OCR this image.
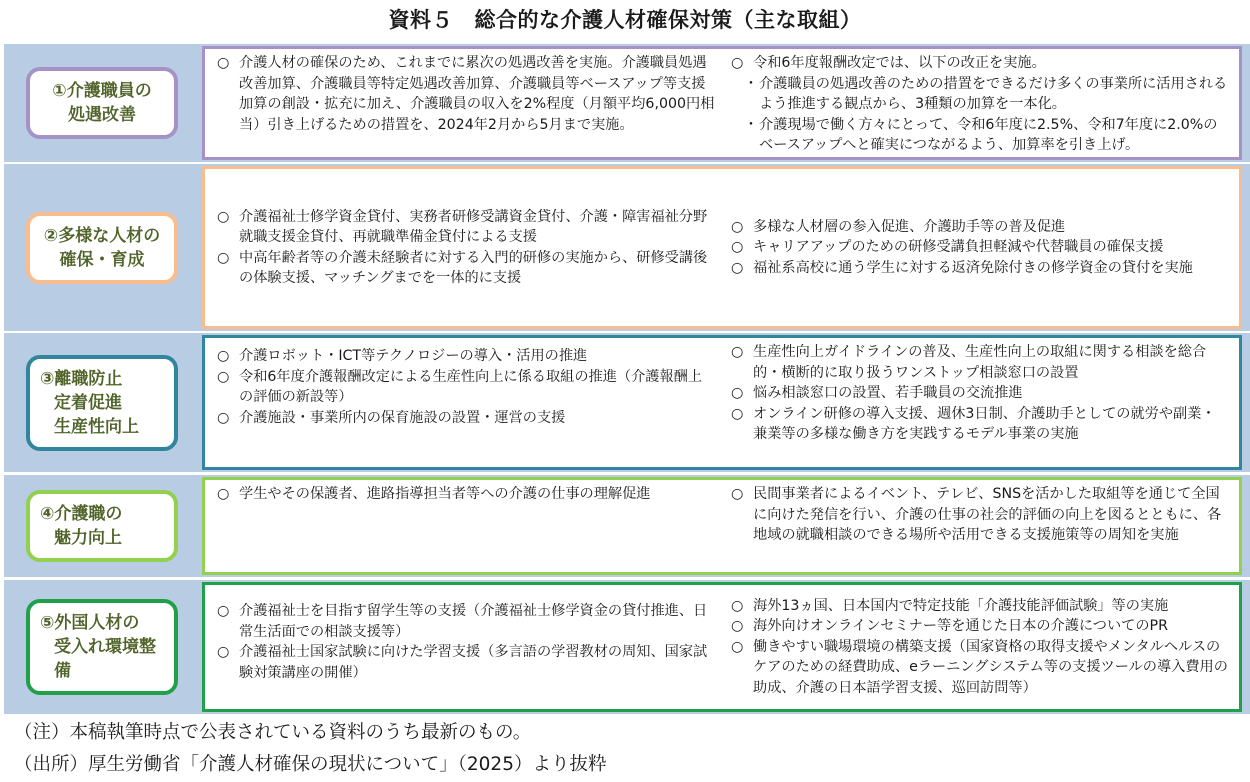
資料５　総合的な介護人材確保対策（主な取組）
①介護職員の
処遇改善
○ 介護人材の確保のため、これまでに累次の処遇改善を実施。介護職員処遇改善加算、介護職員等特定処遇改善加算、介護職員等ベースアップ等支援加算の創設・拡充に加え、介護職員の収入を2%程度（月額平均6,000円相当）引き上げるための措置を、2024年2月から5月まで実施。
○ 令和6年度報酬改定では、以下の改正を実施。
・ 介護職員の処遇改善のための措置をできるだけ多くの事業所に活用されるよう推進する観点から、3種類の加算を一本化。
・ 介護現場で働く方々にとって、令和6年度に2.5%、令和7年度に2.0%のベースアップへと確実につながるよう、加算率を引き上げ。
②多様な人材の
確保・育成
○ 介護福祉士修学資金貸付、実務者研修受講資金貸付、介護・障害福祉分野就職支援金貸付、再就職準備金貸付による支援
○ 中高年齢者等の介護未経験者に対する入門的研修の実施から、研修受講後の体験支援、マッチングまでを一体的に支援
○ 多様な人材層の参入促進、介護助手等の普及促進
○ キャリアアップのための研修受講負担軽減や代替職員の確保支援
○ 福祉系高校に通う学生に対する返済免除付きの修学資金の貸付を実施
③離職防止
定着促進
生産性向上
○ 介護ロボット・ICT等テクノロジーの導入・活用の推進
○ 令和6年度介護報酬改定による生産性向上に係る取組の推進（介護報酬上の評価の新設等）
○ 介護施設・事業所内の保育施設の設置・運営の支援
○ 生産性向上ガイドラインの普及、生産性向上の取組に関する相談を総合的・横断的に取り扱うワンストップ相談窓口の設置
○ 悩み相談窓口の設置、若手職員の交流推進
○ オンライン研修の導入支援、週休3日制、介護助手としての就労や副業・兼業等の多様な働き方を実践するモデル事業の実施
④介護職の
魅力向上
○ 学生やその保護者、進路指導担当者等への介護の仕事の理解促進	○ 民間事業者によるイベント、テレビ、SNSを活かした取組等を通じて全国に向けた発信を行い、介護の仕事の社会的評価の向上を図るとともに、各地域の就職相談のできる場所や活用できる支援施策等の周知を実施
⑤外国人材の
受入れ環境整備
○ 介護福祉士を目指す留学生等の支援（介護福祉士修学資金の貸付推進、日常生活面での相談支援等）
○ 介護福祉士国家試験に向けた学習支援（多言語の学習教材の周知、国家試験対策講座の開催）
○ 海外13ヵ国、日本国内で特定技能「介護技能評価試験」等の実施
○ 海外向けオンラインセミナー等を通じた日本の介護についてのPR
○ 働きやすい職場環境の構築支援（国家資格の取得支援やメンタルヘルスのケアのための経費助成、eラーニングシステム等の支援ツールの導入費用の助成、介護の日本語学習支援、巡回訪問等）
（注）本稿執筆時点で公表されている資料のうち最新のもの。
（出所）厚生労働省「介護人材確保の現状について」（2025）より抜粋
